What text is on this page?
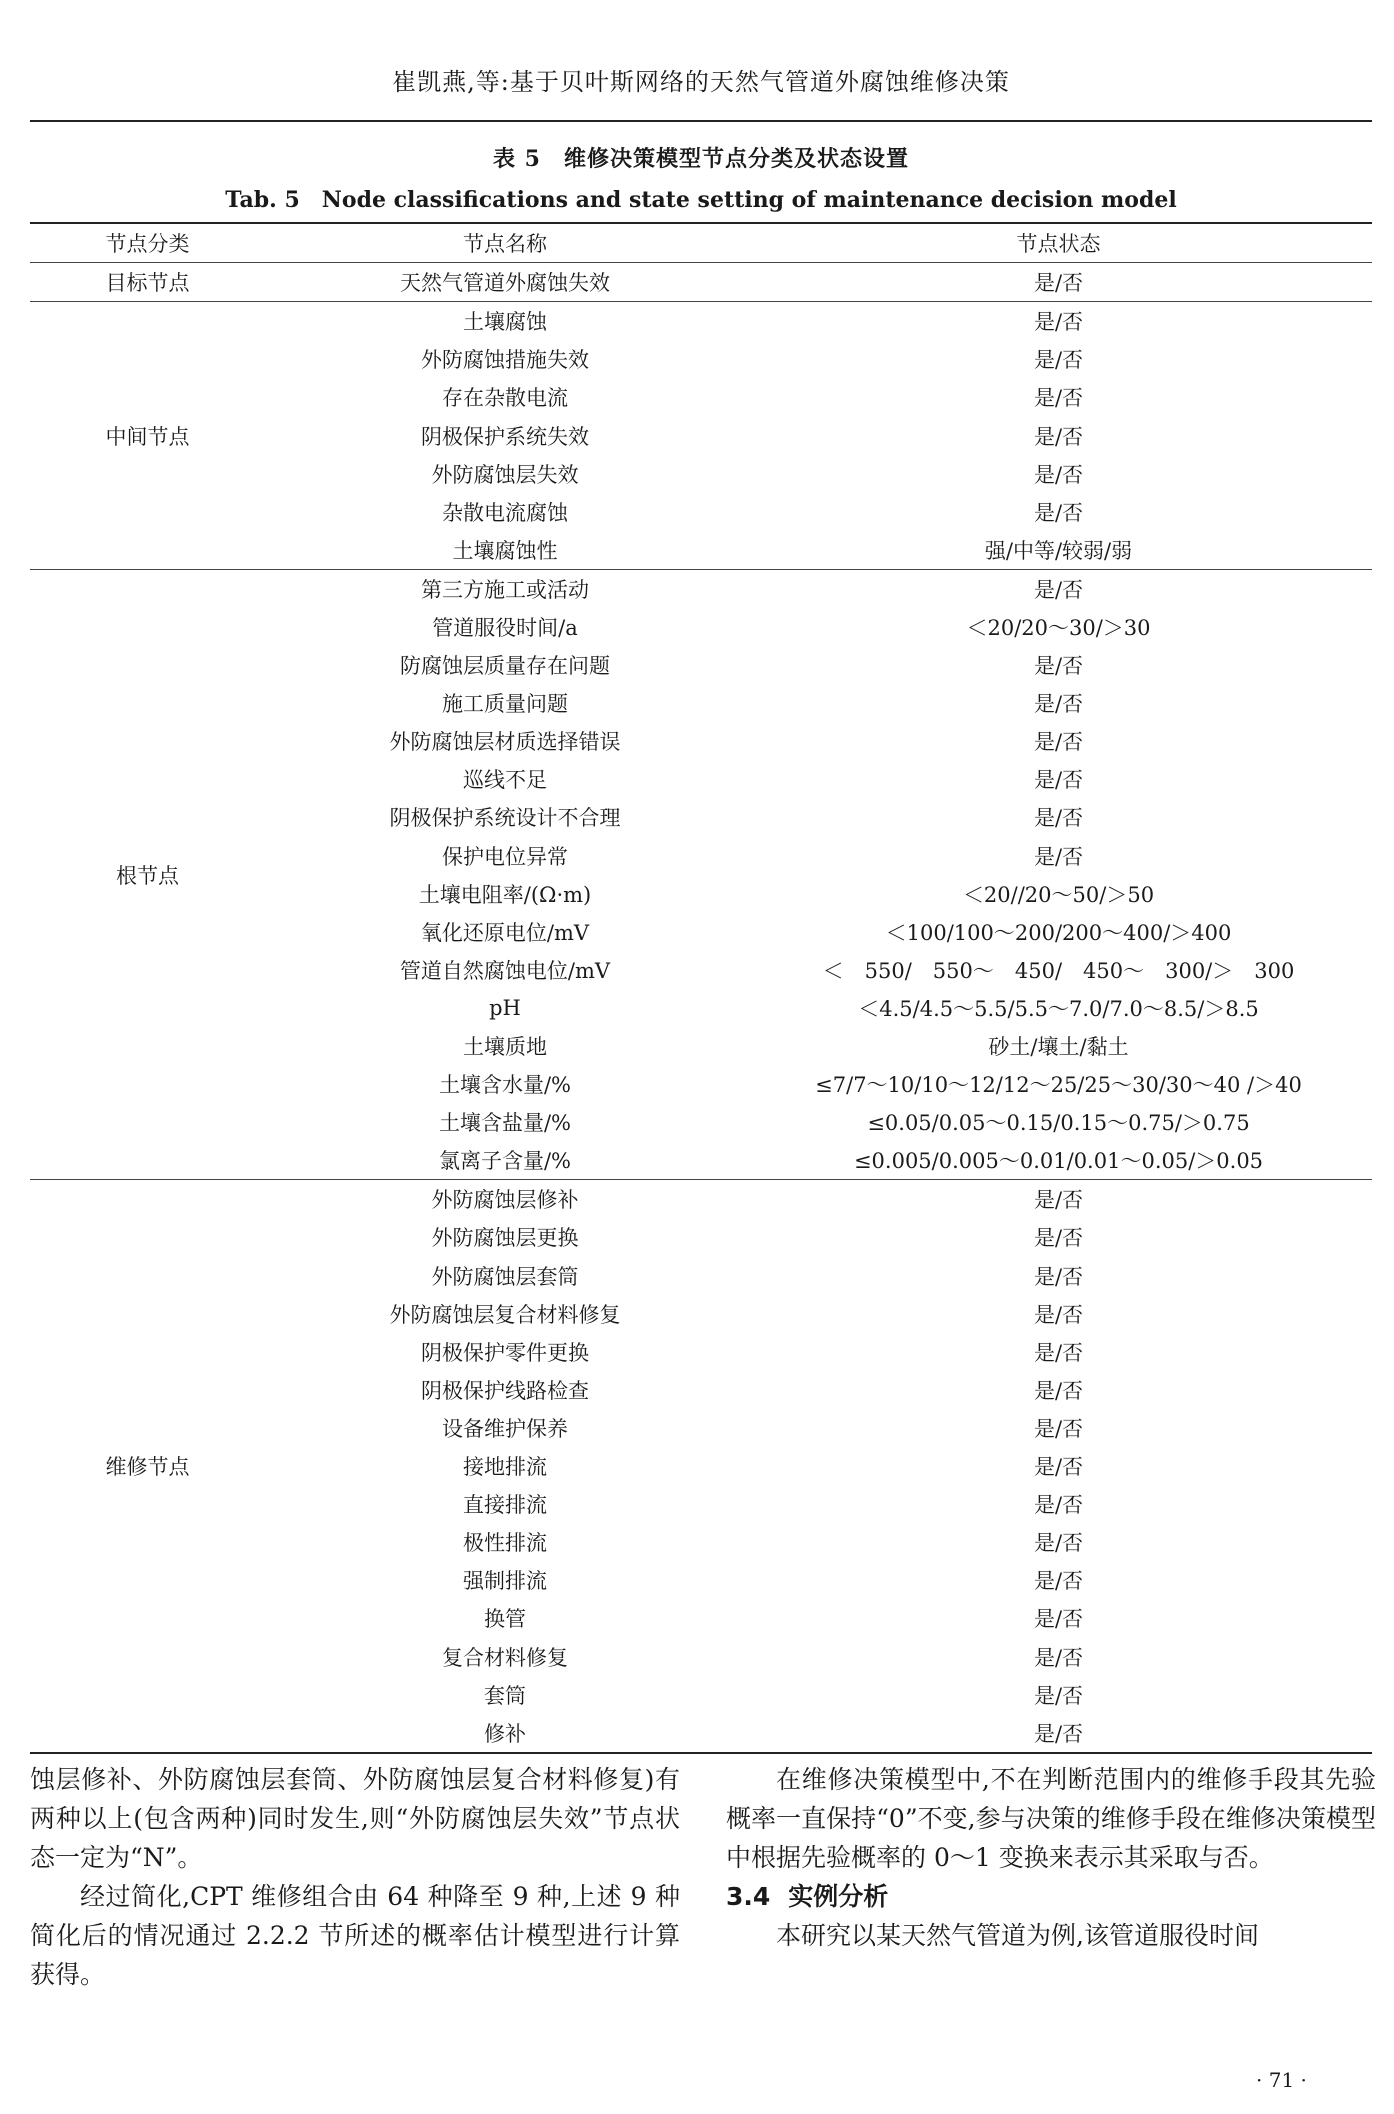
崔凯燕,等:基于贝叶斯网络的天然气管道外腐蚀维修决策
表 5　维修决策模型节点分类及状态设置
Tab. 5　Node classifications and state setting of maintenance decision model
节点分类	节点名称	节点状态
目标节点	天然气管道外腐蚀失效	是/否
中间节点	土壤腐蚀	是/否
	外防腐蚀措施失效	是/否
	存在杂散电流	是/否
	阴极保护系统失效	是/否
	外防腐蚀层失效	是/否
	杂散电流腐蚀	是/否
	土壤腐蚀性	强/中等/较弱/弱
根节点	第三方施工或活动	是/否
	管道服役时间/a	＜20/20～30/＞30
	防腐蚀层质量存在问题	是/否
	施工质量问题	是/否
	外防腐蚀层材质选择错误	是/否
	巡线不足	是/否
	阴极保护系统设计不合理	是/否
	保护电位异常	是/否
	土壤电阻率/(Ω·m)	＜20//20～50/＞50
	氧化还原电位/mV	＜100/100～200/200～400/＞400
	管道自然腐蚀电位/mV	＜　550/　550～　450/　450～　300/＞　300
	pH	＜4.5/4.5～5.5/5.5～7.0/7.0～8.5/＞8.5
	土壤质地	砂土/壤土/黏土
	土壤含水量/%	≤7/7～10/10～12/12～25/25～30/30～40 /＞40
	土壤含盐量/%	≤0.05/0.05～0.15/0.15～0.75/＞0.75
	氯离子含量/%	≤0.005/0.005～0.01/0.01～0.05/＞0.05
维修节点	外防腐蚀层修补	是/否
	外防腐蚀层更换	是/否
	外防腐蚀层套筒	是/否
	外防腐蚀层复合材料修复	是/否
	阴极保护零件更换	是/否
	阴极保护线路检查	是/否
	设备维护保养	是/否
	接地排流	是/否
	直接排流	是/否
	极性排流	是/否
	强制排流	是/否
	换管	是/否
	复合材料修复	是/否
	套筒	是/否
	修补	是/否

蚀层修补、外防腐蚀层套筒、外防腐蚀层复合材料修复)有两种以上(包含两种)同时发生,则“外防腐蚀层失效”节点状态一定为“N”。

经过简化,CPT 维修组合由 64 种降至 9 种,上述 9 种简化后的情况通过 2.2.2 节所述的概率估计模型进行计算获得。

在维修决策模型中,不在判断范围内的维修手段其先验概率一直保持“0”不变,参与决策的维修手段在维修决策模型中根据先验概率的 0～1 变换来表示其采取与否。

3.4 实例分析

本研究以某天然气管道为例,该管道服役时间

· 71 ·
